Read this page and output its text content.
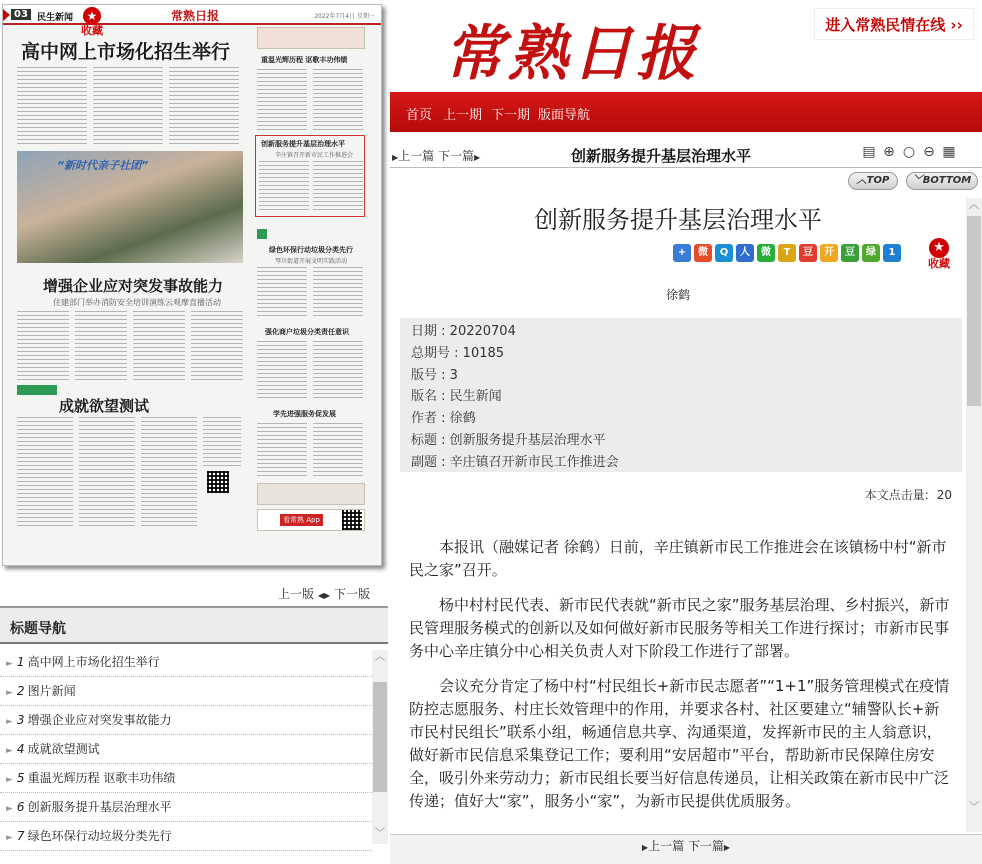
03	民生新闻	常熟日报	2022年7月4日 星期一
★
收藏
高中网上市场化招生举行
“新时代亲子社团”
增强企业应对突发事故能力
住建部门举办消防安全培训演练云观摩直播活动
成就欲望测试
重温光辉历程 讴歌丰功伟绩
创新服务提升基层治理水平
辛庄镇召开新市民工作推进会
绿色环保行动垃圾分类先行
琴川街道开展文明实践活动
强化商户垃圾分类责任意识
学先进强服务促发展
看常熟 App
上一版 ◀▶ 下一版
标题导航
► 1 高中网上市场化招生举行
► 2 图片新闻
► 3 增强企业应对突发事故能力
► 4 成就欲望测试
► 5 重温光辉历程 讴歌丰功伟绩
► 6 创新服务提升基层治理水平
► 7 绿色环保行动垃圾分类先行
︿
﹀
常熟日报	进入常熟民情在线 ››
首页 上一期 下一期 版面导航
▶上一篇 下一篇▶	创新服务提升基层治理水平	▤ ⊕ ○ ⊖ ▦
︿TOP	﹀BOTTOM
创新服务提升基层治理水平
+	微	Q	人	微	T	豆	开	豆	绿	1	★
收藏
徐鹤
日期 : 20220704
总期号 : 10185
版号 : 3
版名 : 民生新闻
作者 : 徐鹤
标题 : 创新服务提升基层治理水平
副题 : 辛庄镇召开新市民工作推进会
本文点击量: 20

本报讯（融媒记者 徐鹤）日前，辛庄镇新市民工作推进会在该镇杨中村“新市民之家”召开。

杨中村村民代表、新市民代表就“新市民之家”服务基层治理、乡村振兴，新市民管理服务模式的创新以及如何做好新市民服务等相关工作进行探讨；市新市民事务中心辛庄镇分中心相关负责人对下阶段工作进行了部署。

会议充分肯定了杨中村“村民组长+新市民志愿者”“1+1”服务管理模式在疫情防控志愿服务、村庄长效管理中的作用，并要求各村、社区要建立“辅警队长+新市民村民组长”联系小组，畅通信息共享、沟通渠道，发挥新市民的主人翁意识，做好新市民信息采集登记工作；要利用“安居超市”平台，帮助新市民保障住房安全，吸引外来劳动力；新市民组长要当好信息传递员，让相关政策在新市民中广泛传递；值好大“家”，服务小“家”，为新市民提供优质服务。

︿
﹀
▶上一篇 下一篇▶
